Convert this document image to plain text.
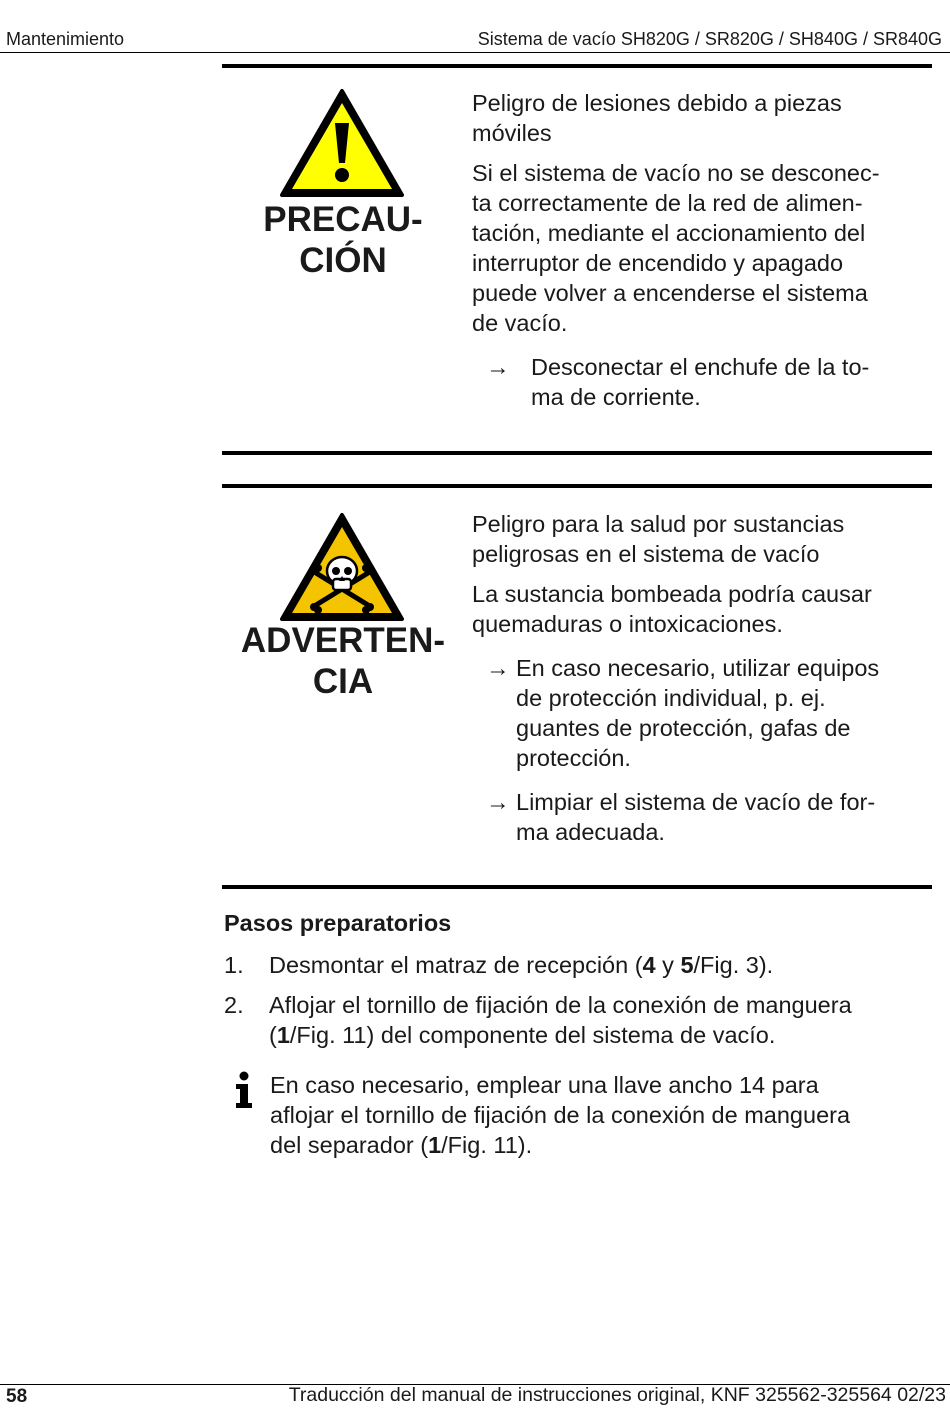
Mantenimiento	Sistema de vacío SH820G / SR820G / SH840G / SR840G
PRECAU-
CIÓN

Peligro de lesiones debido a piezas
móviles

Si el sistema de vacío no se desconec-
ta correctamente de la red de alimen-
tación, mediante el accionamiento del
interruptor de encendido y apagado
puede volver a encenderse el sistema
de vacío.

→ Desconectar el enchufe de la to-
ma de corriente.
ADVERTEN-
CIA

Peligro para la salud por sustancias
peligrosas en el sistema de vacío

La sustancia bombeada podría causar
quemaduras o intoxicaciones.

→ En caso necesario, utilizar equipos
de protección individual, p. ej.
guantes de protección, gafas de
protección.
→ Limpiar el sistema de vacío de for-
ma adecuada.
Pasos preparatorios
1.	Desmontar el matraz de recepción (4 y 5/Fig. 3).
2.	Aflojar el tornillo de fijación de la conexión de manguera
(1/Fig. 11) del componente del sistema de vacío.
En caso necesario, emplear una llave ancho 14 para
aflojar el tornillo de fijación de la conexión de manguera
del separador (1/Fig. 11).
58	Traducción del manual de instrucciones original, KNF 325562-325564 02/23
